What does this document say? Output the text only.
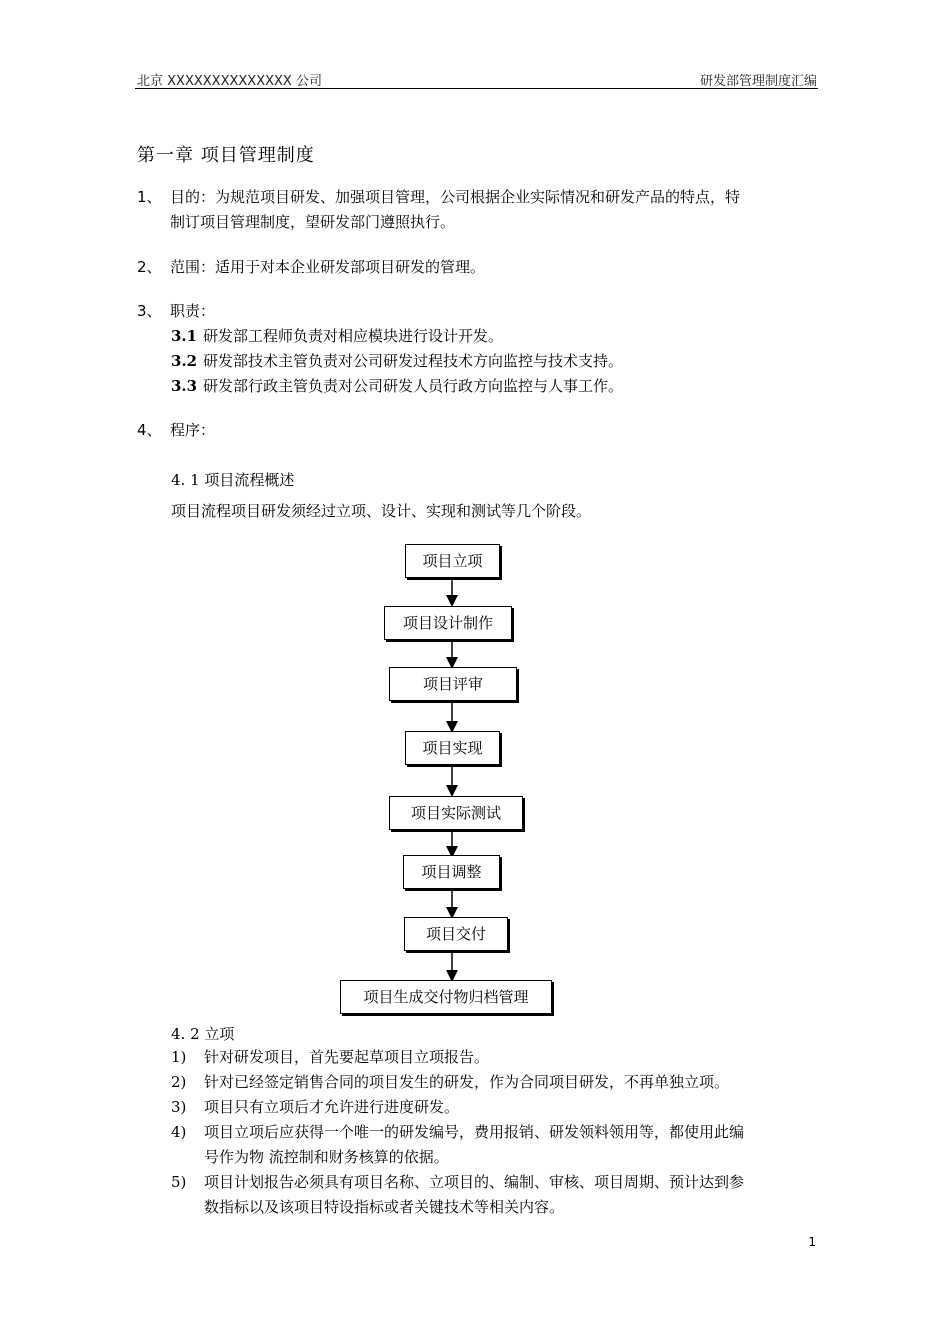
北京 XXXXXXXXXXXXXX 公司	研发部管理制度汇编
第一章 项目管理制度
1、 目的：为规范项目研发、加强项目管理，公司根据企业实际情况和研发产品的特点，特
制订项目管理制度，望研发部门遵照执行。
2、 范围：适用于对本企业研发部项目研发的管理。
3、 职责：
3.1 研发部工程师负责对相应模块进行设计开发。
3.2 研发部技术主管负责对公司研发过程技术方向监控与技术支持。
3.3 研发部行政主管负责对公司研发人员行政方向监控与人事工作。
4、 程序：
4. 1 项目流程概述
项目流程项目研发须经过立项、设计、实现和测试等几个阶段。
项目立项
项目设计制作
项目评审
项目实现
项目实际测试
项目调整
项目交付
项目生成交付物归档管理
4. 2 立项
1) 针对研发项目，首先要起草项目立项报告。
2) 针对已经签定销售合同的项目发生的研发，作为合同项目研发，不再单独立项。
3) 项目只有立项后才允许进行进度研发。
4) 项目立项后应获得一个唯一的研发编号，费用报销、研发领料领用等，都使用此编
号作为物 流控制和财务核算的依据。
5) 项目计划报告必须具有项目名称、立项目的、编制、审核、项目周期、预计达到参
数指标以及该项目特设指标或者关键技术等相关内容。
1
